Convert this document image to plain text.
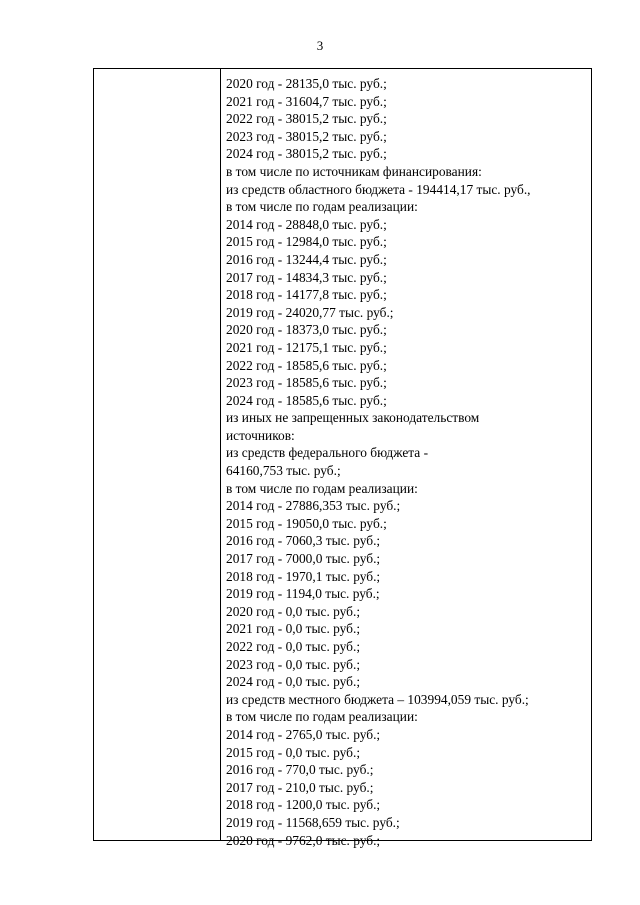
3
2020 год - 28135,0 тыс. руб.;
2021 год - 31604,7 тыс. руб.;
2022 год - 38015,2 тыс. руб.;
2023 год - 38015,2 тыс. руб.;
2024 год - 38015,2 тыс. руб.;
в том числе по источникам финансирования:
из средств областного бюджета - 194414,17 тыс. руб.,
в том числе по годам реализации:
2014 год - 28848,0 тыс. руб.;
2015 год - 12984,0 тыс. руб.;
2016 год - 13244,4 тыс. руб.;
2017 год - 14834,3 тыс. руб.;
2018 год - 14177,8 тыс. руб.;
2019 год - 24020,77 тыс. руб.;
2020 год - 18373,0 тыс. руб.;
2021 год - 12175,1 тыс. руб.;
2022 год - 18585,6 тыс. руб.;
2023 год - 18585,6 тыс. руб.;
2024 год - 18585,6 тыс. руб.;
из иных не запрещенных законодательством
источников:
из средств федерального бюджета -
64160,753 тыс. руб.;
в том числе по годам реализации:
2014 год - 27886,353 тыс. руб.;
2015 год - 19050,0 тыс. руб.;
2016 год - 7060,3 тыс. руб.;
2017 год - 7000,0 тыс. руб.;
2018 год - 1970,1 тыс. руб.;
2019 год - 1194,0 тыс. руб.;
2020 год - 0,0 тыс. руб.;
2021 год - 0,0 тыс. руб.;
2022 год - 0,0 тыс. руб.;
2023 год - 0,0 тыс. руб.;
2024 год - 0,0 тыс. руб.;
из средств местного бюджета – 103994,059 тыс. руб.;
в том числе по годам реализации:
2014 год - 2765,0 тыс. руб.;
2015 год - 0,0 тыс. руб.;
2016 год - 770,0 тыс. руб.;
2017 год - 210,0 тыс. руб.;
2018 год - 1200,0 тыс. руб.;
2019 год - 11568,659 тыс. руб.;
2020 год - 9762,0 тыс. руб.;
